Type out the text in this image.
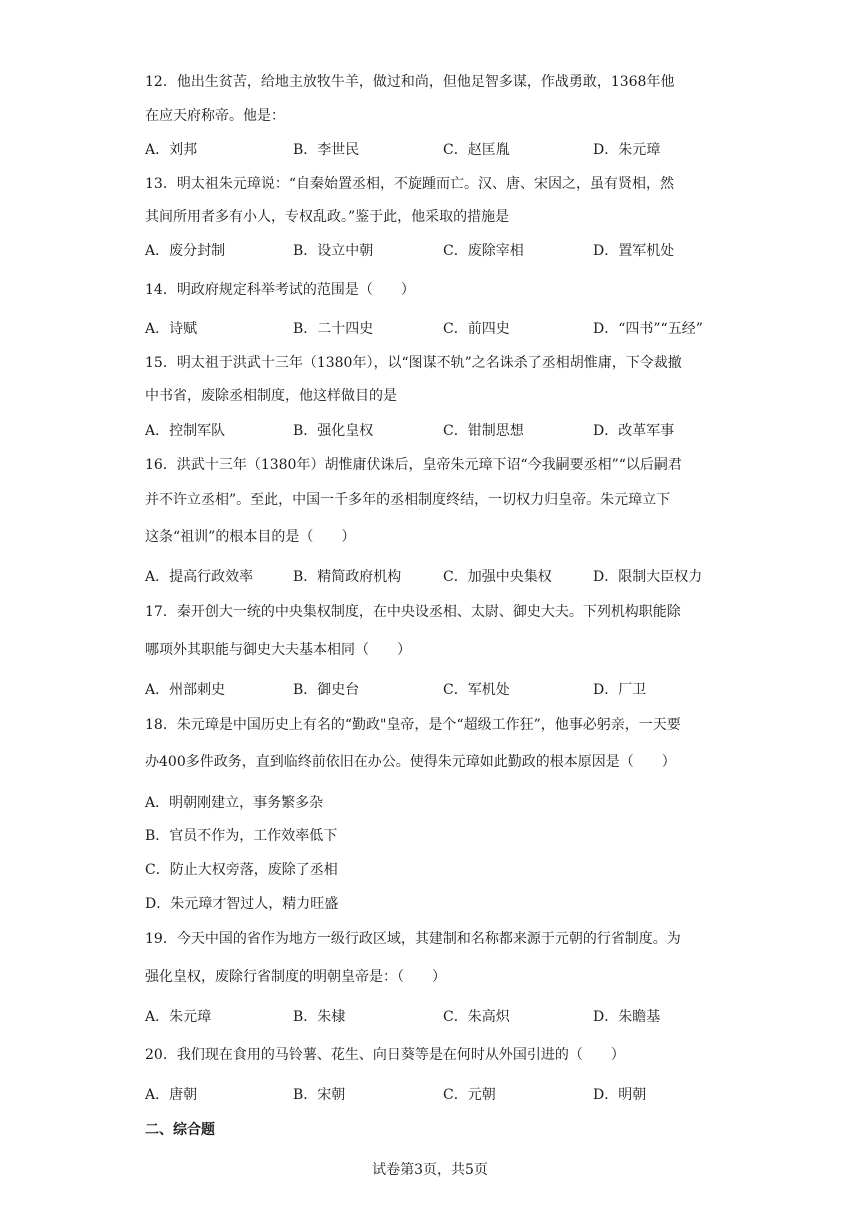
12．他出生贫苦，给地主放牧牛羊，做过和尚，但他足智多谋，作战勇敢，1368年他
在应天府称帝。他是：
A．刘邦	B．李世民	C．赵匡胤	D．朱元璋
13．明太祖朱元璋说：“自秦始置丞相，不旋踵而亡。汉、唐、宋因之，虽有贤相，然
其间所用者多有小人，专权乱政。”鉴于此，他采取的措施是
A．废分封制	B．设立中朝	C．废除宰相	D．置军机处
14．明政府规定科举考试的范围是（　　）
A．诗赋	B．二十四史	C．前四史	D．“四书”“五经”
15．明太祖于洪武十三年（1380年），以“图谋不轨”之名诛杀了丞相胡惟庸，下令裁撤
中书省，废除丞相制度，他这样做目的是
A．控制军队	B．强化皇权	C．钳制思想	D．改革军事
16．洪武十三年（1380年）胡惟庸伏诛后，皇帝朱元璋下诏“今我嗣要丞相”“以后嗣君
并不许立丞相”。至此，中国一千多年的丞相制度终结，一切权力归皇帝。朱元璋立下
这条“祖训”的根本目的是（　　）
A．提高行政效率	B．精简政府机构	C．加强中央集权	D．限制大臣权力
17．秦开创大一统的中央集权制度，在中央设丞相、太尉、御史大夫。下列机构职能除
哪项外其职能与御史大夫基本相同（　　）
A．州部刺史	B．御史台	C．军机处	D．厂卫
18．朱元璋是中国历史上有名的“勤政"皇帝，是个“超级工作狂”，他事必躬亲，一天要
办400多件政务，直到临终前依旧在办公。使得朱元璋如此勤政的根本原因是（　　）
A．明朝刚建立，事务繁多杂
B．官员不作为，工作效率低下
C．防止大权旁落，废除了丞相
D．朱元璋才智过人，精力旺盛
19．今天中国的省作为地方一级行政区域，其建制和名称都来源于元朝的行省制度。为
强化皇权，废除行省制度的明朝皇帝是：（　　）
A．朱元璋	B．朱棣	C．朱高炽	D．朱瞻基
20．我们现在食用的马铃薯、花生、向日葵等是在何时从外国引进的（　　）
A．唐朝	B．宋朝	C．元朝	D．明朝
二、综合题
试卷第3页，共5页
